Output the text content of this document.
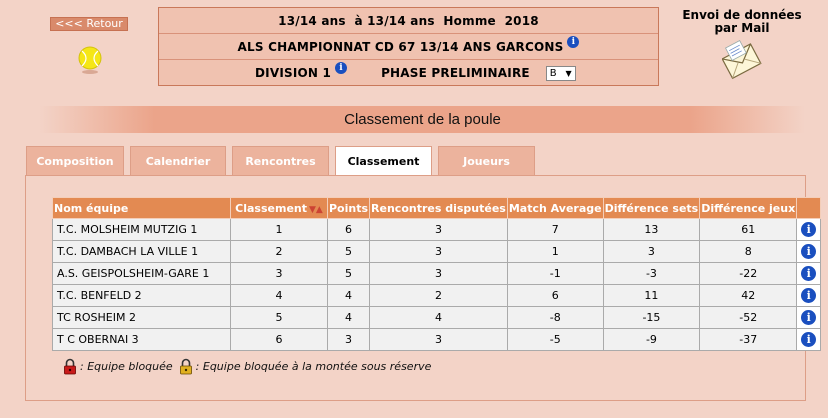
<<< Retour	13/14 ans  à 13/14 ans  Homme  2018
ALS CHAMPIONNAT CD 67 13/14 ANS GARCONS i
DIVISION 1 i	PHASE PRELIMINAIRE B ▼
Envoi de données par Mail
Classement de la poule
Composition	Calendrier	Rencontres	Classement	Joueurs
Nom équipe	Classement ▼▲	Points	Rencontres disputées	Match Average	Différence sets	Différence jeux	
T.C. MOLSHEIM MUTZIG 1	1	6	3	7	13	61	i
T.C. DAMBACH LA VILLE 1	2	5	3	1	3	8	i
A.S. GEISPOLSHEIM-GARE 1	3	5	3	-1	-3	-22	i
T.C. BENFELD 2	4	4	2	6	11	42	i
TC ROSHEIM 2	5	4	4	-8	-15	-52	i
T C OBERNAI 3	6	3	3	-5	-9	-37	i
: Equipe bloquée : Equipe bloquée à la montée sous réserve
